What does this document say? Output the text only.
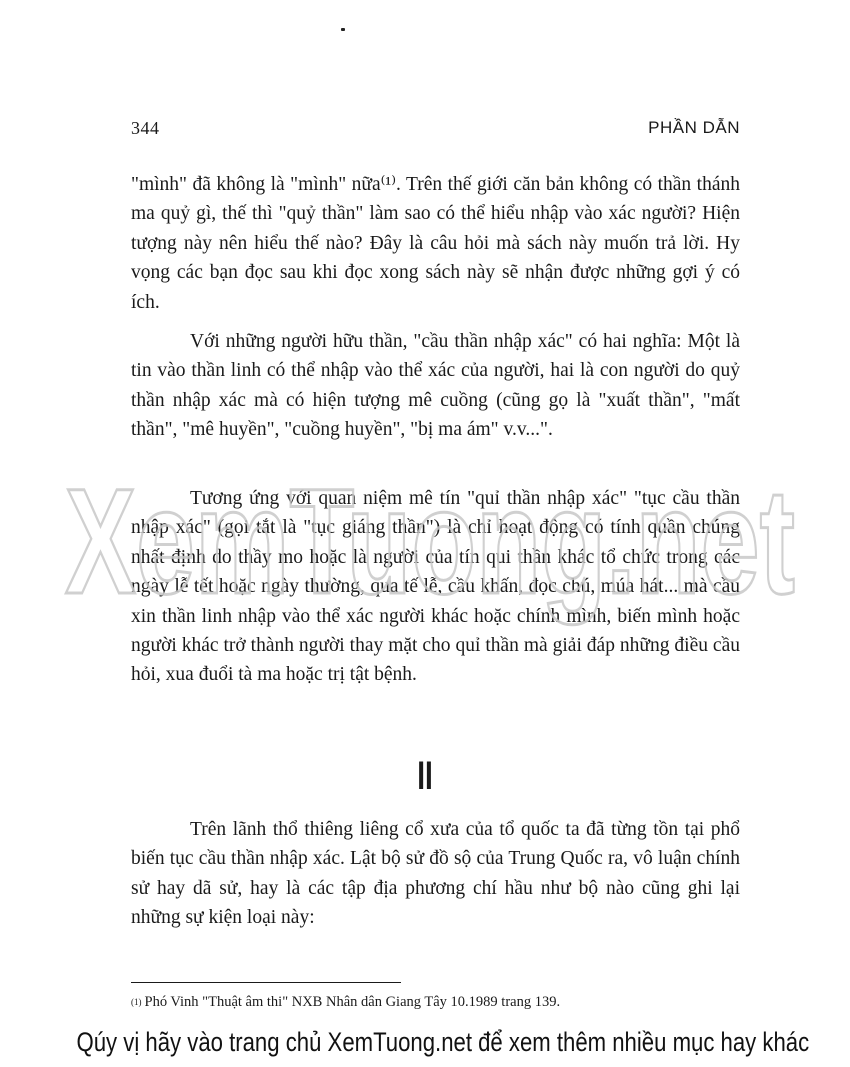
344	PHẦN DẪN

"mình" đã không là "mình" nữa⁽¹⁾. Trên thế giới căn bản không có thần thánh ma quỷ gì, thế thì "quỷ thần" làm sao có thể hiểu nhập vào xác người? Hiện tượng này nên hiểu thế nào? Đây là câu hỏi mà sách này muốn trả lời. Hy vọng các bạn đọc sau khi đọc xong sách này sẽ nhận được những gợi ý có ích.

Với những người hữu thần, "cầu thần nhập xác" có hai nghĩa: Một là tin vào thần linh có thể nhập vào thể xác của người, hai là con người do quỷ thần nhập xác mà có hiện tượng mê cuồng (cũng gọ là "xuất thần", "mất thần", "mê huyền", "cuồng huyền", "bị ma ám" v.v...".

Tương ứng với quan niệm mê tín "quỉ thần nhập xác" "tục cầu thần nhập xác" (gọi tắt là "tục giáng thần") là chỉ hoạt động có tính quần chúng nhất định do thầy mo hoặc là người của tín qui thần khác tổ chức trong các ngày lễ tết hoặc ngày thường, qua tế lễ, cầu khấn, đọc chú, múa hát... mà cầu xin thần linh nhập vào thể xác người khác hoặc chính mình, biến mình hoặc người khác trở thành người thay mặt cho quỉ thần mà giải đáp những điều cầu hỏi, xua đuổi tà ma hoặc trị tật bệnh.

II

Trên lãnh thổ thiêng liêng cổ xưa của tổ quốc ta đã từng tồn tại phổ biến tục cầu thần nhập xác. Lật bộ sử đồ sộ của Trung Quốc ra, vô luận chính sử hay dã sử, hay là các tập địa phương chí hầu như bộ nào cũng ghi lại những sự kiện loại này:

$^{(1)}$ Phó Vinh "Thuật âm thi" NXB Nhân dân Giang Tây 10.1989 trang 139.
XemTuong.net
Qúy vị hãy vào trang chủ XemTuong.net để xem thêm nhiều mục hay khác
